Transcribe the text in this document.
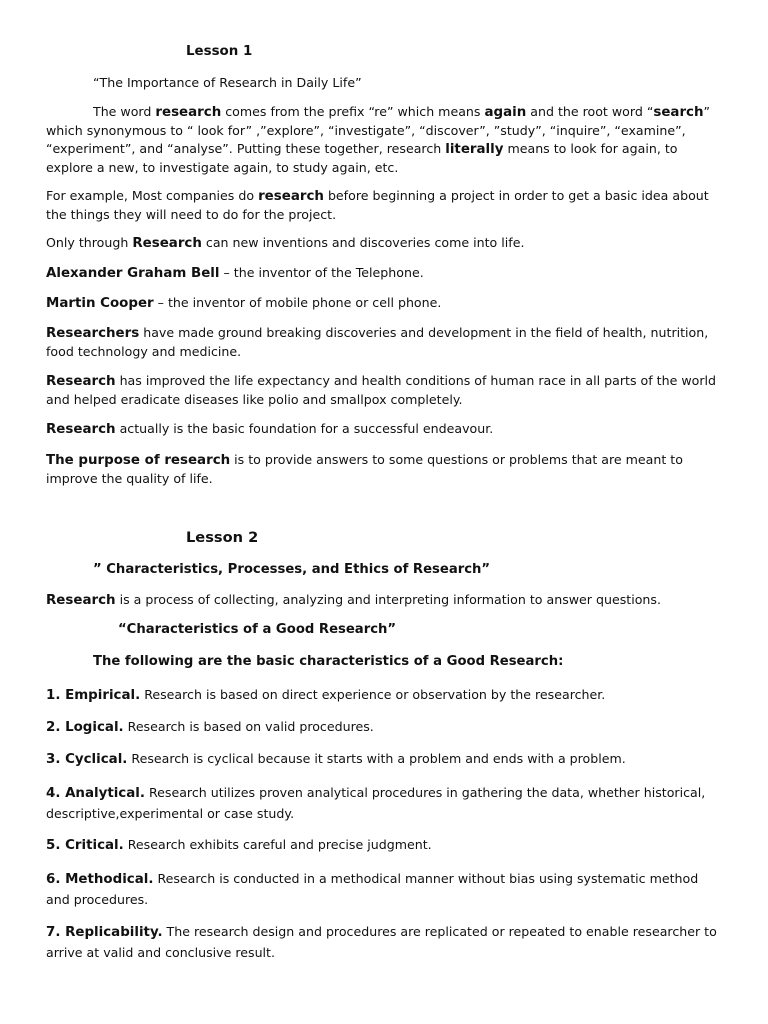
Lesson 1
“The Importance of Research in Daily Life”

The word research comes from the prefix “re” which means again and the root word “search” which synonymous to “ look for” ,”explore”, “investigate”, “discover”, ”study”, “inquire”, “examine”, “experiment”, and “analyse”. Putting these together, research literally means to look for again, to explore a new, to investigate again, to study again, etc.

For example, Most companies do research before beginning a project in order to get a basic idea about the things they will need to do for the project.

Only through Research can new inventions and discoveries come into life.

Alexander Graham Bell – the inventor of the Telephone.

Martin Cooper – the inventor of mobile phone or cell phone.

Researchers have made ground breaking discoveries and development in the field of health, nutrition, food technology and medicine.

Research has improved the life expectancy and health conditions of human race in all parts of the world and helped eradicate diseases like polio and smallpox completely.

Research actually is the basic foundation for a successful endeavour.

The purpose of research is to provide answers to some questions or problems that are meant to improve the quality of life.

Lesson 2
” Characteristics, Processes, and Ethics of Research”

Research is a process of collecting, analyzing and interpreting information to answer questions.

“Characteristics of a Good Research”
The following are the basic characteristics of a Good Research:

1. Empirical. Research is based on direct experience or observation by the researcher.

2. Logical. Research is based on valid procedures.

3. Cyclical. Research is cyclical because it starts with a problem and ends with a problem.

4. Analytical. Research utilizes proven analytical procedures in gathering the data, whether historical, descriptive,experimental or case study.

5. Critical. Research exhibits careful and precise judgment.

6. Methodical. Research is conducted in a methodical manner without bias using systematic method and procedures.

7. Replicability. The research design and procedures are replicated or repeated to enable researcher to arrive at valid and conclusive result.
